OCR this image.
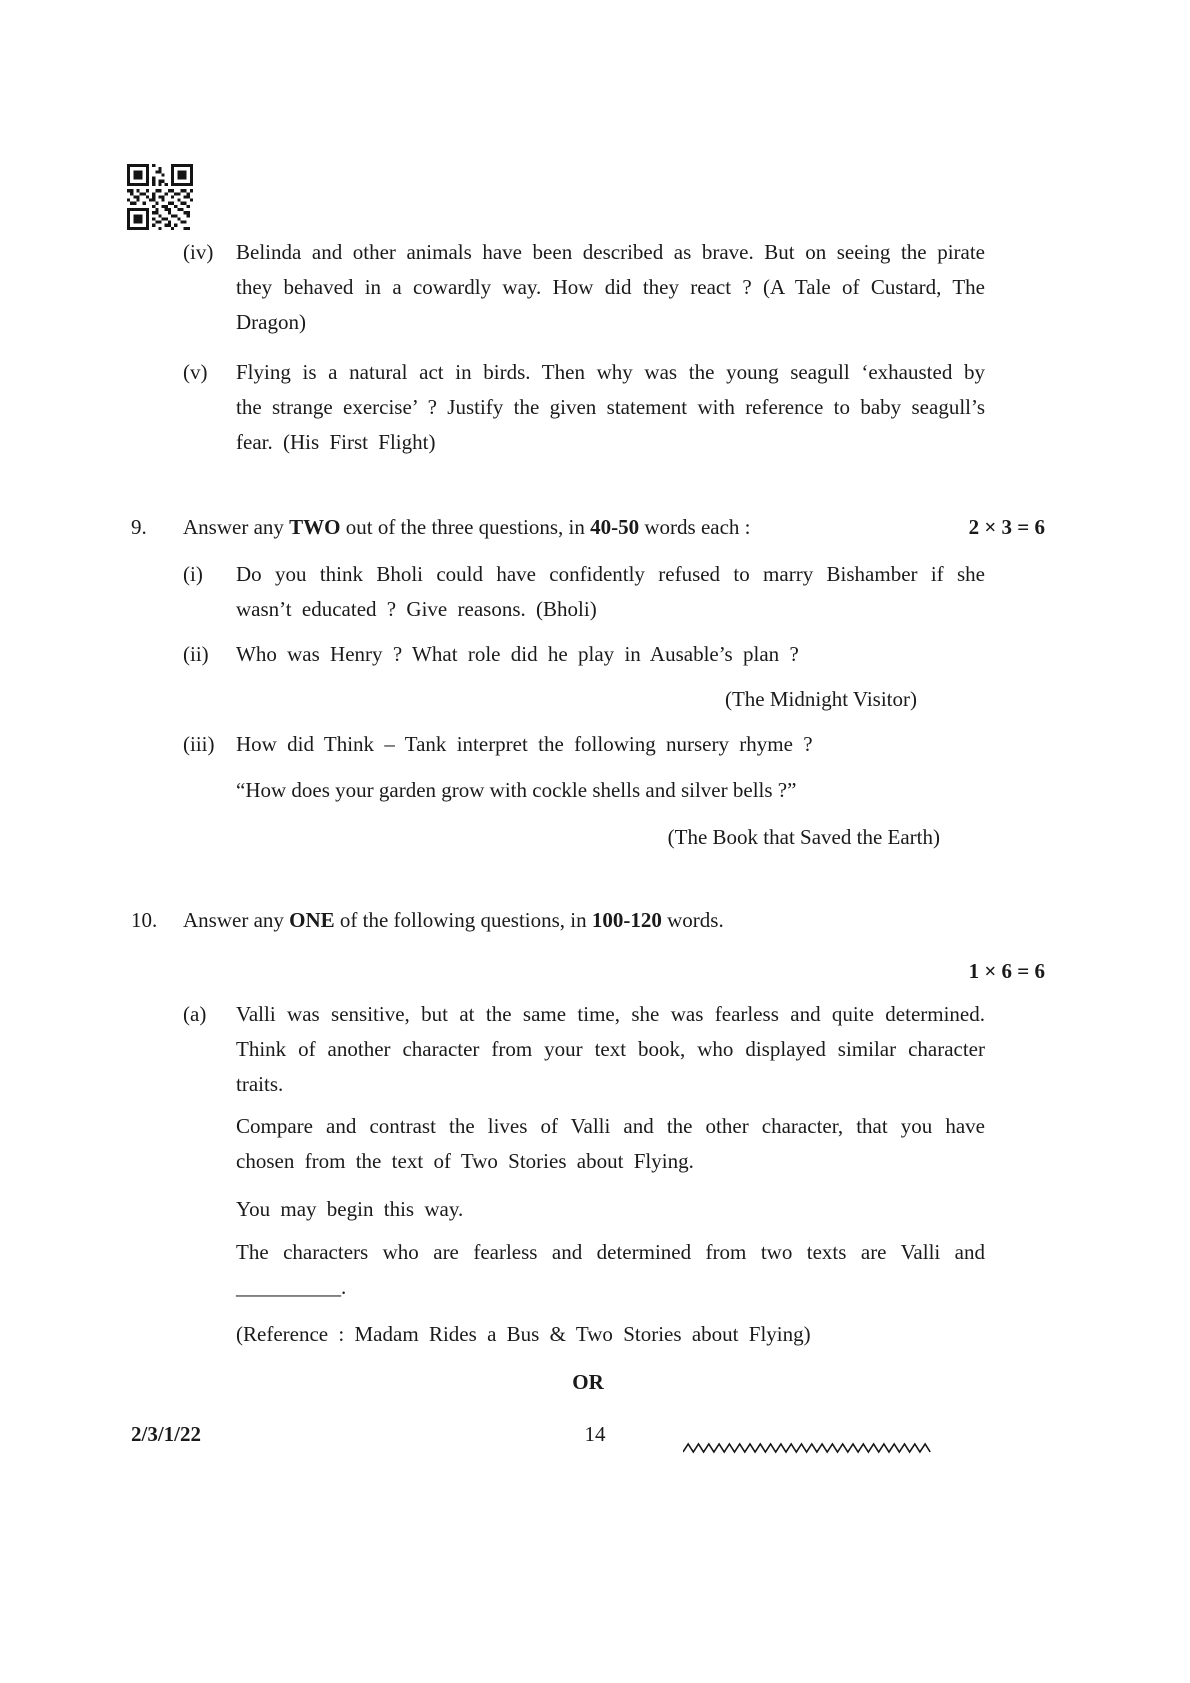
(iv)	Belinda and other animals have been described as brave. But on seeing the pirate they behaved in a cowardly way. How did they react ? (A Tale of Custard, The Dragon)
(v)	Flying is a natural act in birds. Then why was the young seagull ‘exhausted by the strange exercise’ ? Justify the given statement with reference to baby seagull’s fear. (His First Flight)
9.	Answer any TWO out of the three questions, in 40-50 words each :	2 × 3 = 6
(i)	Do you think Bholi could have confidently refused to marry Bishamber if she wasn’t educated ? Give reasons. (Bholi)
(ii)	Who was Henry ? What role did he play in Ausable’s plan ?
(The Midnight Visitor)
(iii)	How did Think – Tank interpret the following nursery rhyme ?
“How does your garden grow with cockle shells and silver bells ?”
(The Book that Saved the Earth)
10.	Answer any ONE of the following questions, in 100-120 words.
1 × 6 = 6
(a)	Valli was sensitive, but at the same time, she was fearless and quite determined. Think of another character from your text book, who displayed similar character traits.
Compare and contrast the lives of Valli and the other character, that you have chosen from the text of Two Stories about Flying.
You may begin this way.
The characters who are fearless and determined from two texts are Valli and __________.
(Reference : Madam Rides a Bus & Two Stories about Flying)
OR
2/3/1/22	14
